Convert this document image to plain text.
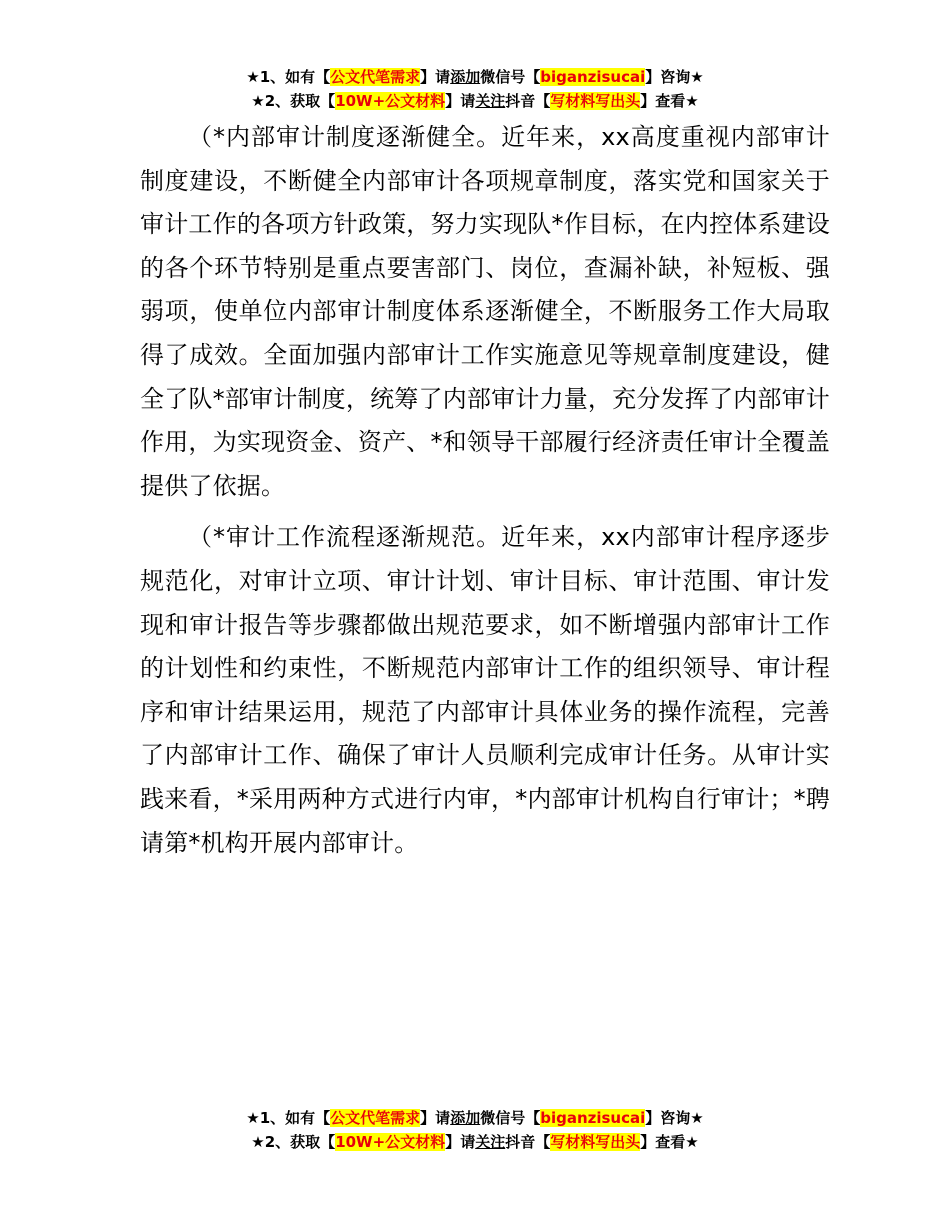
★1、如有【公文代笔需求】请添加微信号【biganzisucai】咨询★
★2、获取【10W+公文材料】请关注抖音【写材料写出头】查看★

（*内部审计制度逐渐健全。近年来，xx高度重视内部审计制度建设，不断健全内部审计各项规章制度，落实党和国家关于审计工作的各项方针政策，努力实现队*作目标，在内控体系建设的各个环节特别是重点要害部门、岗位，查漏补缺，补短板、强弱项，使单位内部审计制度体系逐渐健全，不断服务工作大局取得了成效。全面加强内部审计工作实施意见等规章制度建设，健全了队*部审计制度，统筹了内部审计力量，充分发挥了内部审计作用，为实现资金、资产、*和领导干部履行经济责任审计全覆盖提供了依据。

（*审计工作流程逐渐规范。近年来，xx内部审计程序逐步规范化，对审计立项、审计计划、审计目标、审计范围、审计发现和审计报告等步骤都做出规范要求，如不断增强内部审计工作的计划性和约束性，不断规范内部审计工作的组织领导、审计程序和审计结果运用，规范了内部审计具体业务的操作流程，完善了内部审计工作、确保了审计人员顺利完成审计任务。从审计实践来看，*采用两种方式进行内审，*内部审计机构自行审计；*聘请第*机构开展内部审计。

★1、如有【公文代笔需求】请添加微信号【biganzisucai】咨询★
★2、获取【10W+公文材料】请关注抖音【写材料写出头】查看★
